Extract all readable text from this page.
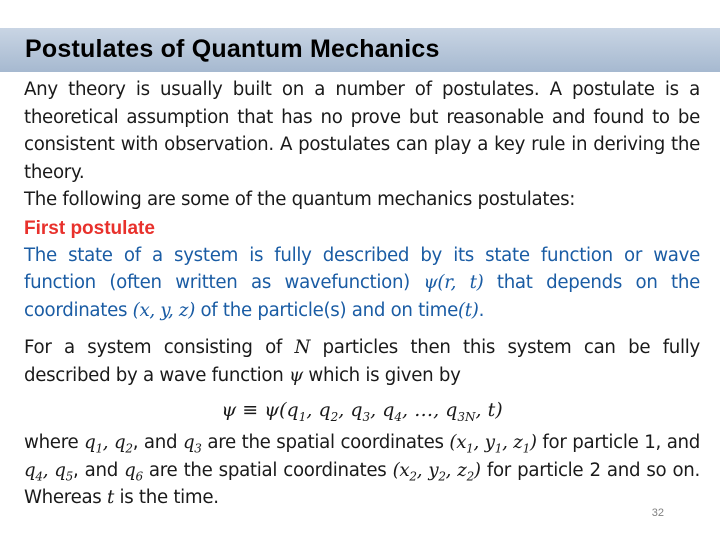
Postulates of Quantum Mechanics
Any theory is usually built on a number of postulates. A postulate is a theoretical assumption that has no prove but reasonable and found to be consistent with observation. A postulates can play a key rule in deriving the theory.
The following are some of the quantum mechanics postulates:
First postulate
The state of a system is fully described by its state function or wave function (often written as wavefunction) ψ(r, t) that depends on the coordinates (x, y, z) of the particle(s) and on time(t).
For a system consisting of N particles then this system can be fully described by a wave function ψ which is given by
$\psi \equiv \psi(q_1$, $q_2$, $q_3$, $q_4$, …, $q_{3N}$, t)
where $q_1$, $q_2$, and $q_3$ are the spatial coordinates ($x_1$, $y_1$, $z_1$) for particle 1, and $q_4$, $q_5$, and $q_6$ are the spatial coordinates ($x_2$, $y_2$, $z_2$) for particle 2 and so on. Whereas t is the time.
32
